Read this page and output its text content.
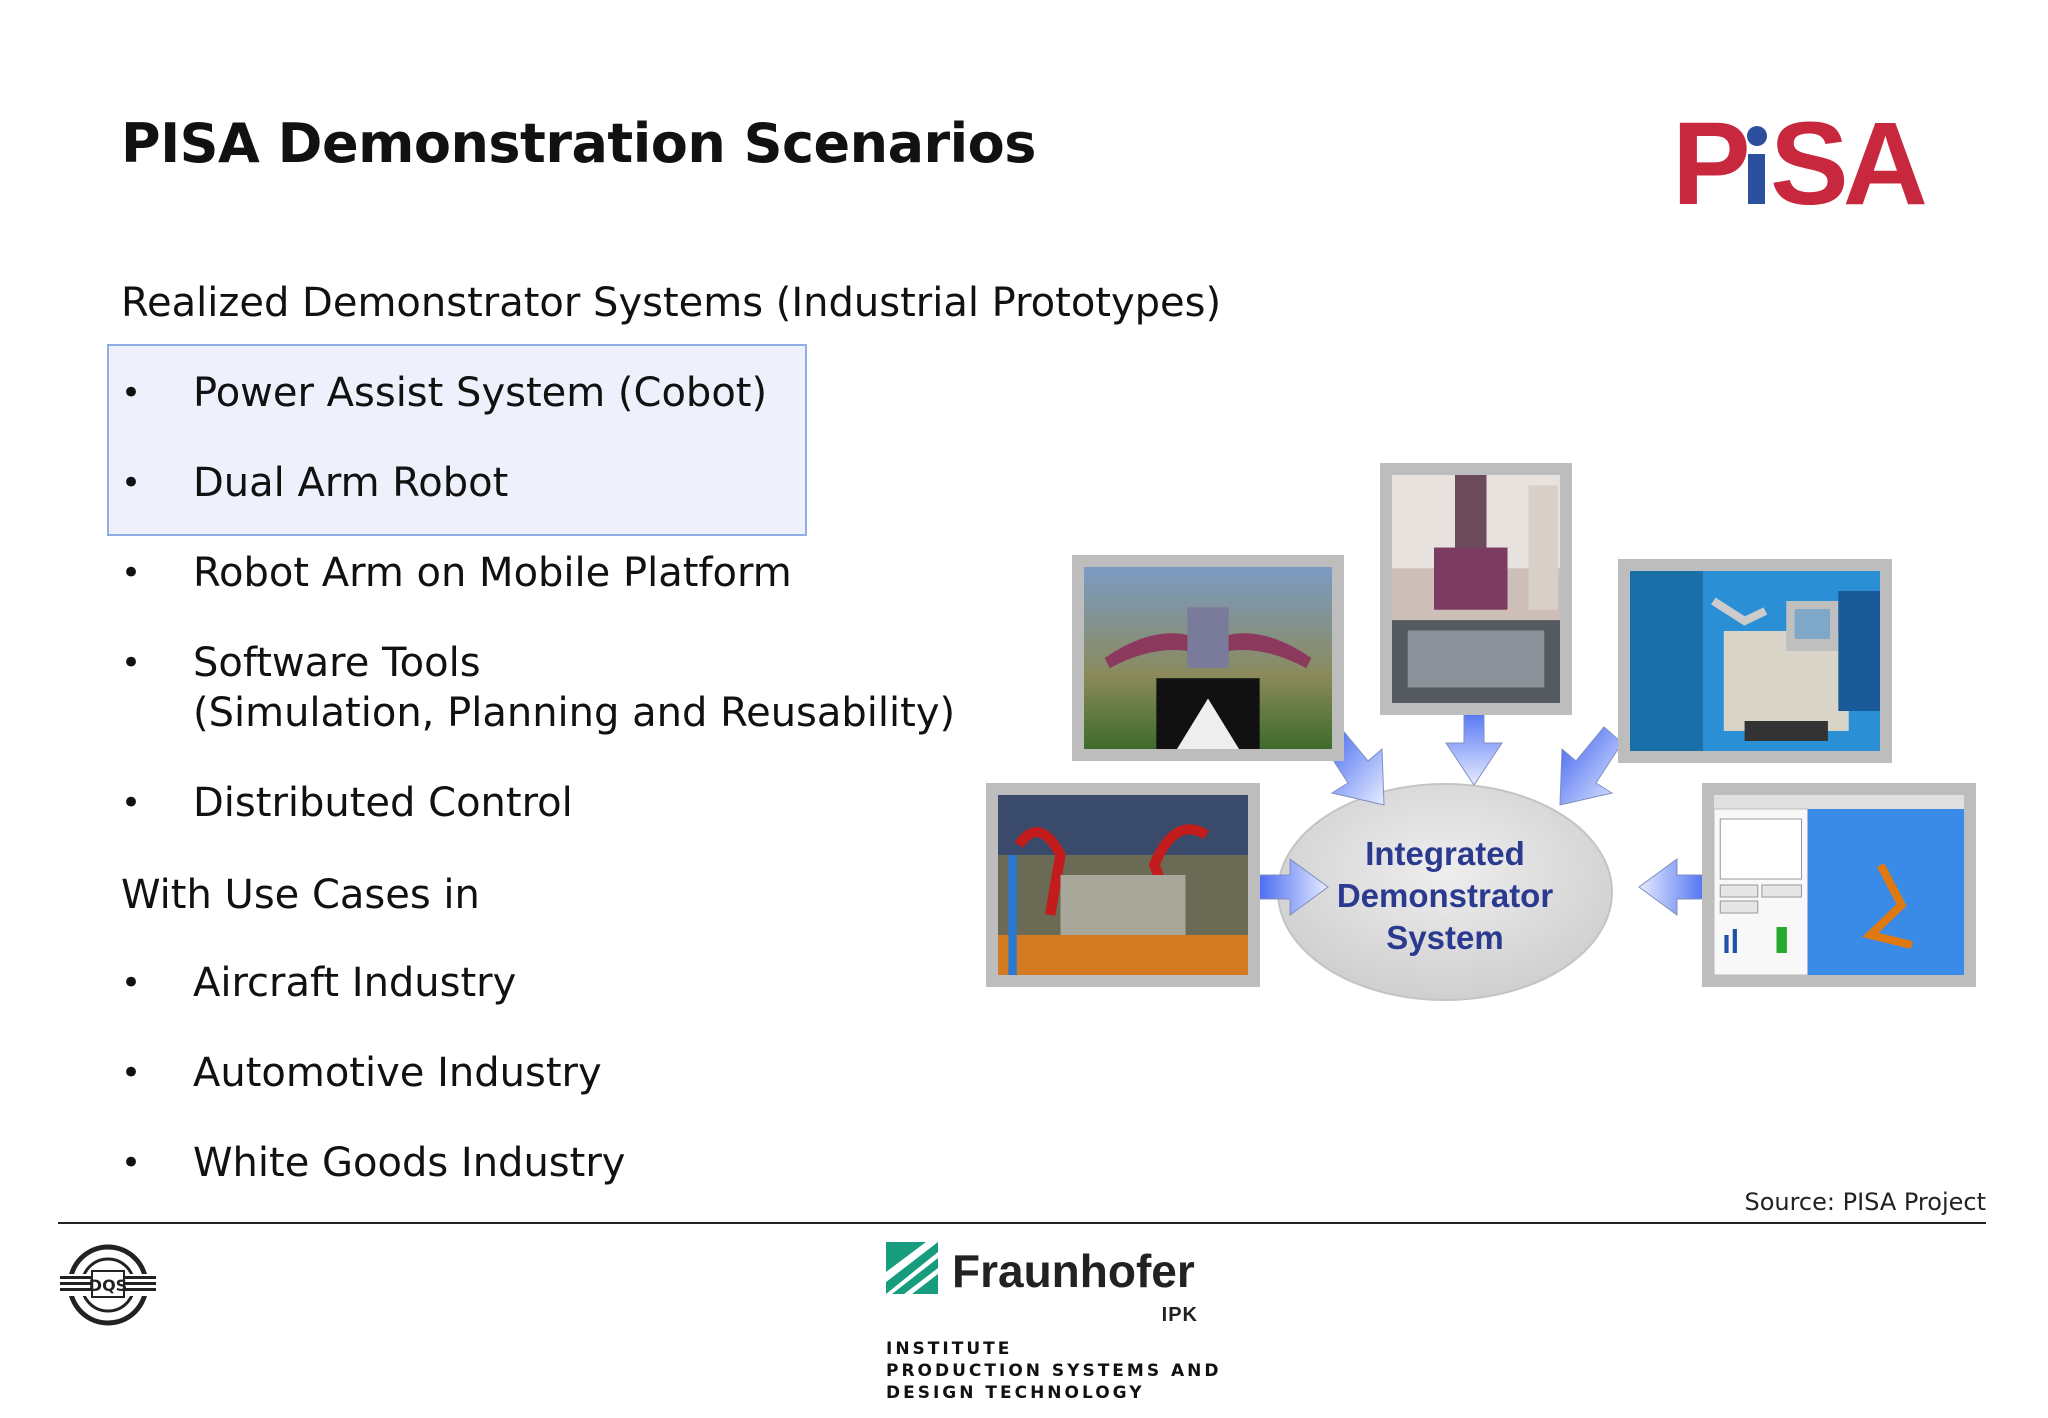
PISA Demonstration Scenarios	P SA
Realized Demonstrator Systems (Industrial Prototypes)
• Power Assist System (Cobot)
• Dual Arm Robot
• Robot Arm on Mobile Platform
• Software Tools
(Simulation, Planning and Reusability)
• Distributed Control
With Use Cases in
• Aircraft Industry
• Automotive Industry
• White Goods Industry
Integrated
Demonstrator
System
Source: PISA Project
DQS	Fraunhofer
IPK
INSTITUTE
PRODUCTION SYSTEMS AND
DESIGN TECHNOLOGY
